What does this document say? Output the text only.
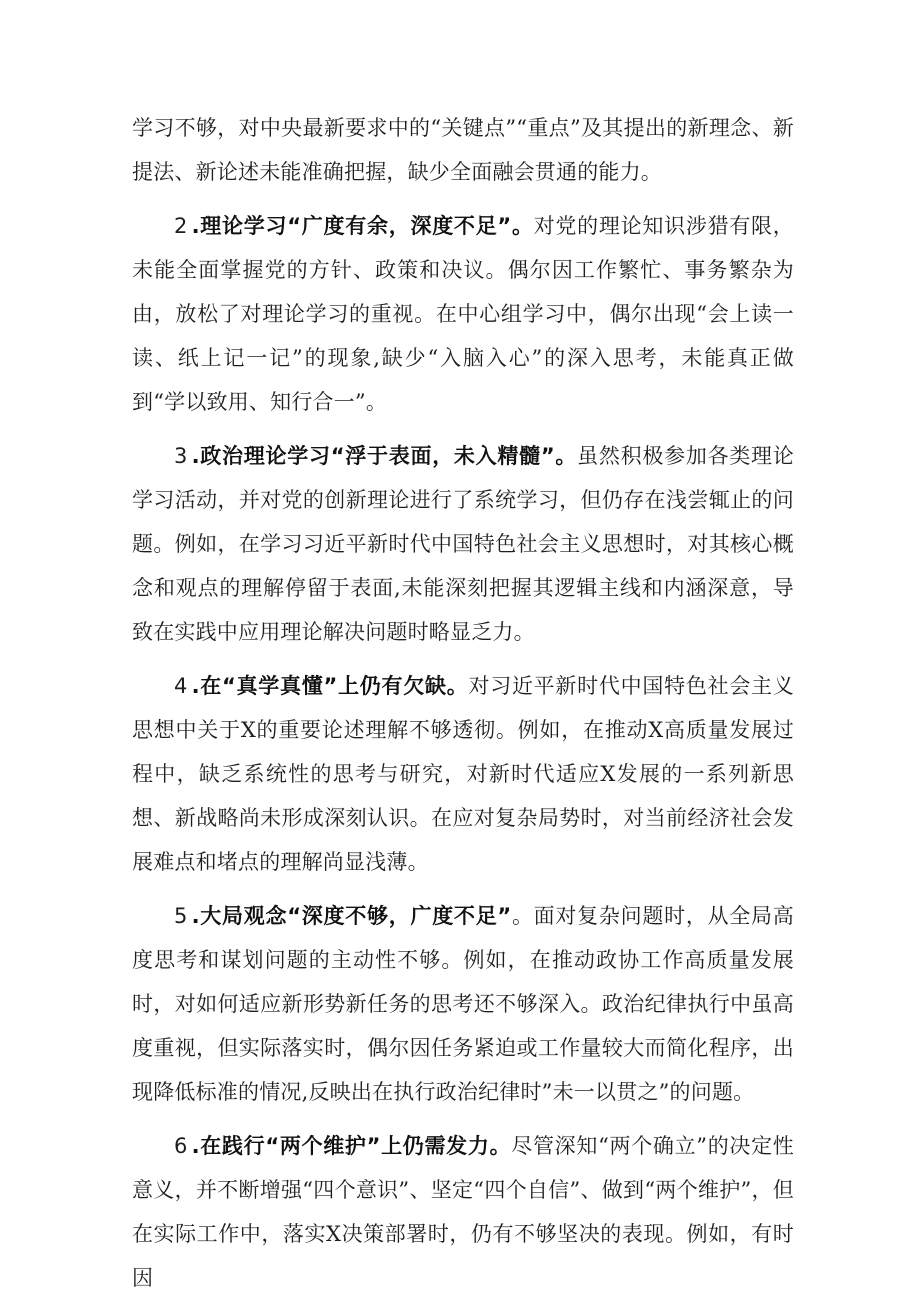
学习不够，对中央最新要求中的“关键点”“重点”及其提出的新理念、新提法、新论述未能准确把握，缺少全面融会贯通的能力。

2 .理论学习“广度有余，深度不足”。对党的理论知识涉猎有限，未能全面掌握党的方针、政策和决议。偶尔因工作繁忙、事务繁杂为由，放松了对理论学习的重视。在中心组学习中，偶尔出现“会上读一读、纸上记一记”的现象,缺少“入脑入心”的深入思考，未能真正做到“学以致用、知行合一”。

3 .政治理论学习“浮于表面，未入精髓”。虽然积极参加各类理论学习活动，并对党的创新理论进行了系统学习，但仍存在浅尝辄止的问题。例如，在学习习近平新时代中国特色社会主义思想时，对其核心概念和观点的理解停留于表面,未能深刻把握其逻辑主线和内涵深意，导致在实践中应用理论解决问题时略显乏力。

4 .在“真学真懂”上仍有欠缺。对习近平新时代中国特色社会主义思想中关于X的重要论述理解不够透彻。例如，在推动X高质量发展过程中，缺乏系统性的思考与研究，对新时代适应X发展的一系列新思想、新战略尚未形成深刻认识。在应对复杂局势时，对当前经济社会发展难点和堵点的理解尚显浅薄。

5 .大局观念“深度不够，广度不足”。面对复杂问题时，从全局高度思考和谋划问题的主动性不够。例如，在推动政协工作高质量发展时，对如何适应新形势新任务的思考还不够深入。政治纪律执行中虽高度重视，但实际落实时，偶尔因任务紧迫或工作量较大而简化程序，出现降低标准的情况,反映出在执行政治纪律时”未一以贯之”的问题。

6 .在践行“两个维护”上仍需发力。尽管深知“两个确立”的决定性意义，并不断增强“四个意识”、坚定“四个自信”、做到“两个维护”，但在实际工作中，落实X决策部署时，仍有不够坚决的表现。例如，有时因
